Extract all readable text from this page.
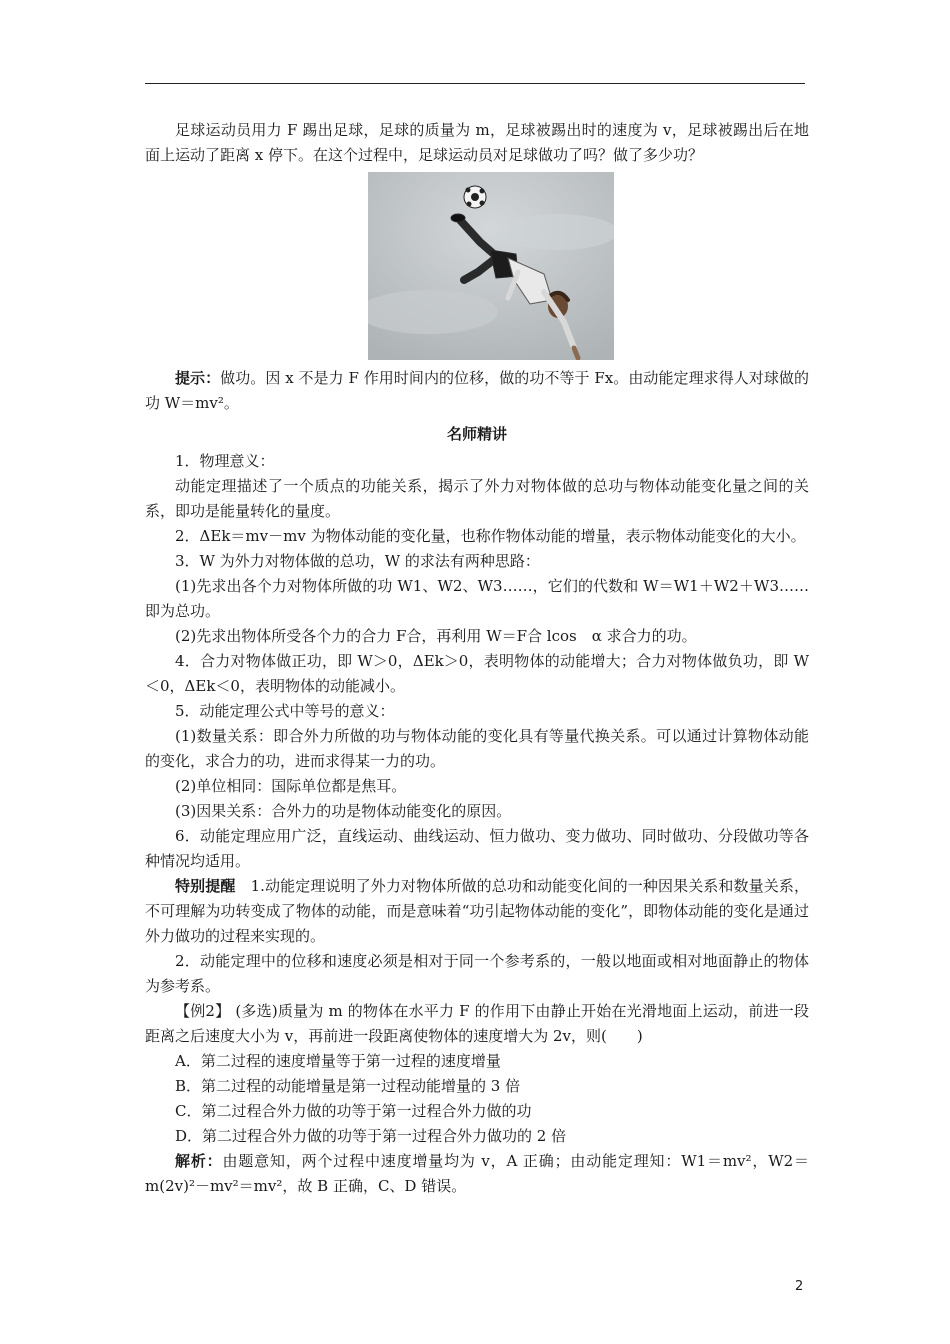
足球运动员用力 F 踢出足球，足球的质量为 m，足球被踢出时的速度为 v，足球被踢出后在地面上运动了距离 x 停下。在这个过程中，足球运动员对足球做功了吗？做了多少功？

提示：做功。因 x 不是力 F 作用时间内的位移，做的功不等于 Fx。由动能定理求得人对球做的功 W＝mv²。

名师精讲

1．物理意义：

动能定理描述了一个质点的功能关系，揭示了外力对物体做的总功与物体动能变化量之间的关系，即功是能量转化的量度。

2．ΔEk＝mv－mv 为物体动能的变化量，也称作物体动能的增量，表示物体动能变化的大小。

3．W 为外力对物体做的总功，W 的求法有两种思路：

(1)先求出各个力对物体所做的功 W1、W2、W3……，它们的代数和 W＝W1＋W2＋W3……即为总功。

(2)先求出物体所受各个力的合力 F合，再利用 W＝F合 lcos　α 求合力的功。

4．合力对物体做正功，即 W＞0，ΔEk＞0，表明物体的动能增大；合力对物体做负功，即 W＜0，ΔEk＜0，表明物体的动能减小。

5．动能定理公式中等号的意义：

(1)数量关系：即合外力所做的功与物体动能的变化具有等量代换关系。可以通过计算物体动能的变化，求合力的功，进而求得某一力的功。

(2)单位相同：国际单位都是焦耳。

(3)因果关系：合外力的功是物体动能变化的原因。

6．动能定理应用广泛，直线运动、曲线运动、恒力做功、变力做功、同时做功、分段做功等各种情况均适用。

特别提醒　1.动能定理说明了外力对物体所做的总功和动能变化间的一种因果关系和数量关系，不可理解为功转变成了物体的动能，而是意味着“功引起物体动能的变化”，即物体动能的变化是通过外力做功的过程来实现的。

2．动能定理中的位移和速度必须是相对于同一个参考系的，一般以地面或相对地面静止的物体为参考系。

【例2】 (多选)质量为 m 的物体在水平力 F 的作用下由静止开始在光滑地面上运动，前进一段距离之后速度大小为 v，再前进一段距离使物体的速度增大为 2v，则(　　)

A．第二过程的速度增量等于第一过程的速度增量

B．第二过程的动能增量是第一过程动能增量的 3 倍

C．第二过程合外力做的功等于第一过程合外力做的功

D．第二过程合外力做的功等于第一过程合外力做功的 2 倍

解析：由题意知，两个过程中速度增量均为 v，A 正确；由动能定理知：W1＝mv²，W2＝m(2v)²－mv²＝mv²，故 B 正确，C、D 错误。

2
